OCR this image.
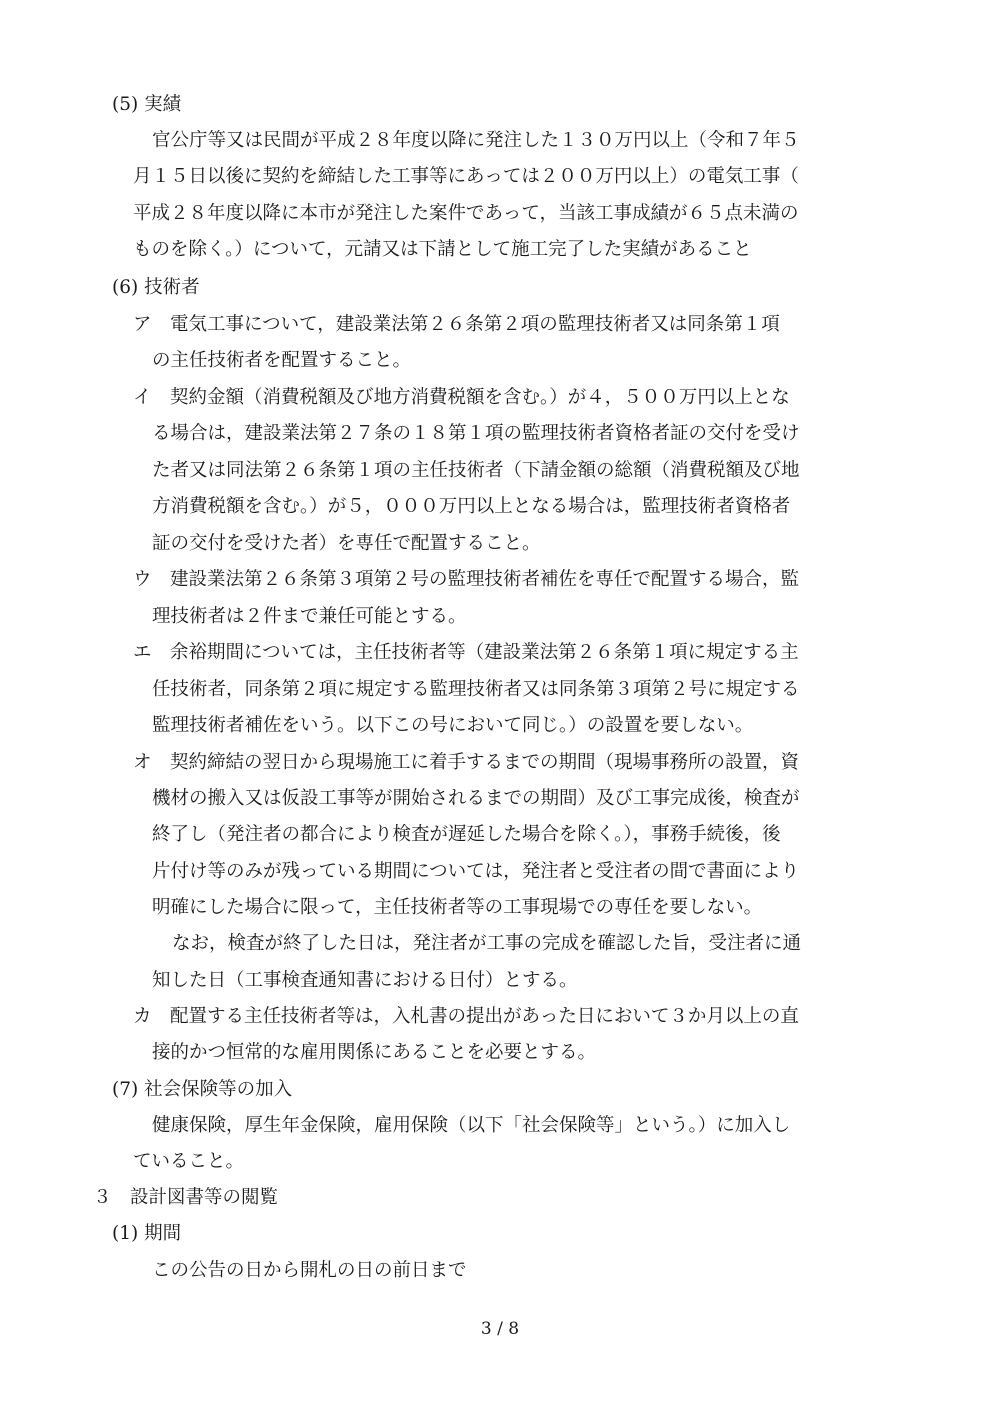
(5) 実績
官公庁等又は民間が平成２８年度以降に発注した１３０万円以上（令和７年５
月１５日以後に契約を締結した工事等にあっては２００万円以上）の電気工事（
平成２８年度以降に本市が発注した案件であって，当該工事成績が６５点未満の
ものを除く。）について，元請又は下請として施工完了した実績があること
(6) 技術者
ア 電気工事について，建設業法第２６条第２項の監理技術者又は同条第１項
の主任技術者を配置すること。
イ 契約金額（消費税額及び地方消費税額を含む。）が４，５００万円以上とな
る場合は，建設業法第２７条の１８第１項の監理技術者資格者証の交付を受け
た者又は同法第２６条第１項の主任技術者（下請金額の総額（消費税額及び地
方消費税額を含む。）が５，０００万円以上となる場合は，監理技術者資格者
証の交付を受けた者）を専任で配置すること。
ウ 建設業法第２６条第３項第２号の監理技術者補佐を専任で配置する場合，監
理技術者は２件まで兼任可能とする。
エ 余裕期間については，主任技術者等（建設業法第２６条第１項に規定する主
任技術者，同条第２項に規定する監理技術者又は同条第３項第２号に規定する
監理技術者補佐をいう。以下この号において同じ。）の設置を要しない。
オ 契約締結の翌日から現場施工に着手するまでの期間（現場事務所の設置，資
機材の搬入又は仮設工事等が開始されるまでの期間）及び工事完成後，検査が
終了し（発注者の都合により検査が遅延した場合を除く。），事務手続後，後
片付け等のみが残っている期間については，発注者と受注者の間で書面により
明確にした場合に限って，主任技術者等の工事現場での専任を要しない。
なお，検査が終了した日は，発注者が工事の完成を確認した旨，受注者に通
知した日（工事検査通知書における日付）とする。
カ 配置する主任技術者等は，入札書の提出があった日において３か月以上の直
接的かつ恒常的な雇用関係にあることを必要とする。
(7) 社会保険等の加入
健康保険，厚生年金保険，雇用保険（以下「社会保険等」という。）に加入し
ていること。
３　設計図書等の閲覧
(1) 期間
この公告の日から開札の日の前日まで
3 / 8
